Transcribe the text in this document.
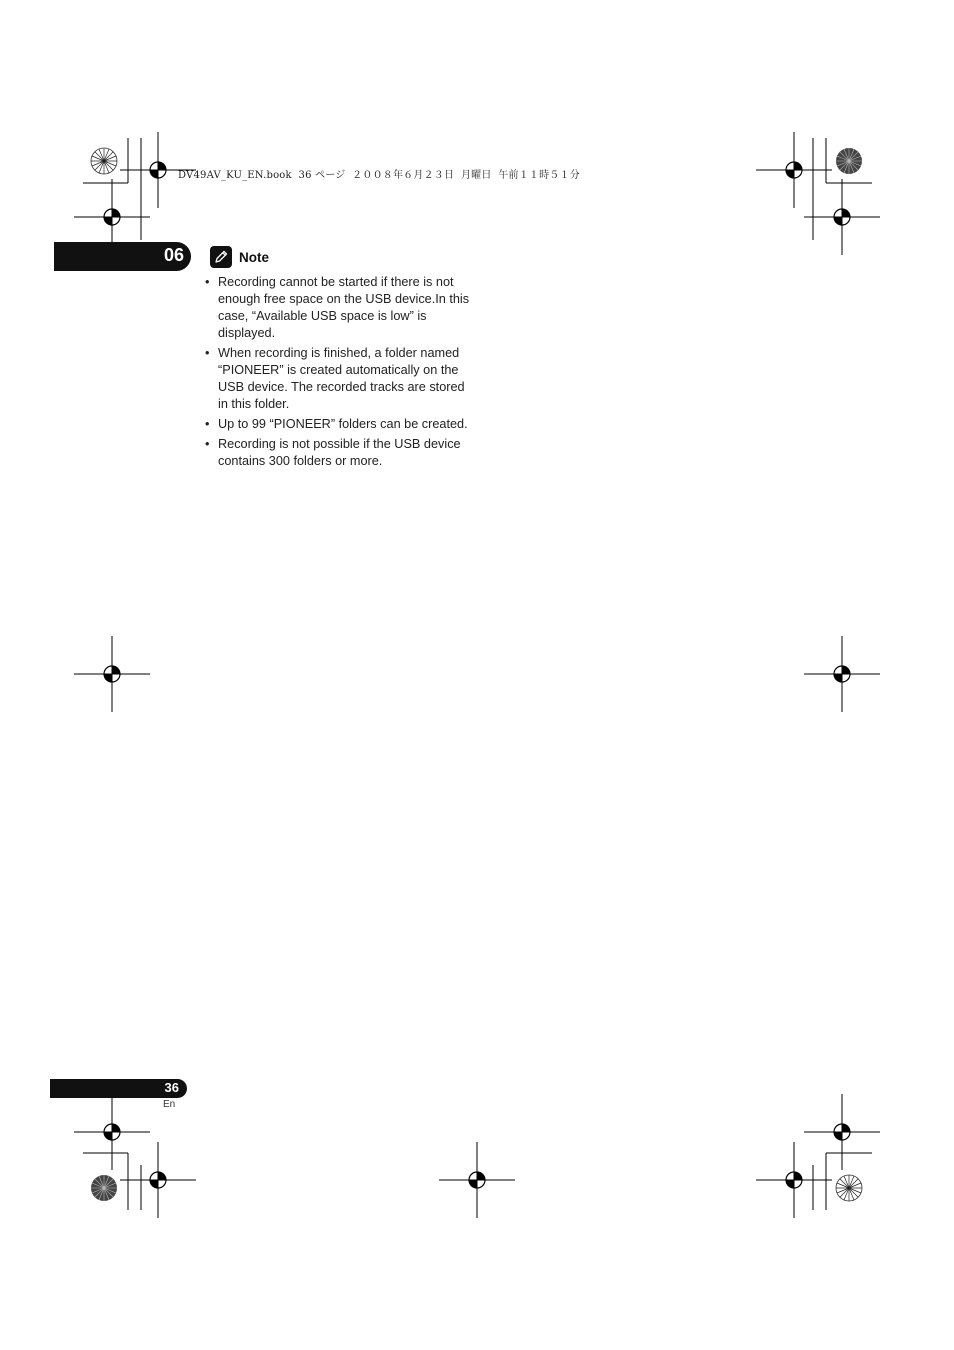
DV49AV_KU_EN.book  36 ページ  ２００８年６月２３日  月曜日  午前１１時５１分
06	Note
• Recording cannot be started if there is not enough free space on the USB device.In this case, “Available USB space is low” is displayed.
• When recording is finished, a folder named “PIONEER” is created automatically on the USB device. The recorded tracks are stored in this folder.
• Up to 99 “PIONEER” folders can be created.
• Recording is not possible if the USB device contains 300 folders or more.
36
En
